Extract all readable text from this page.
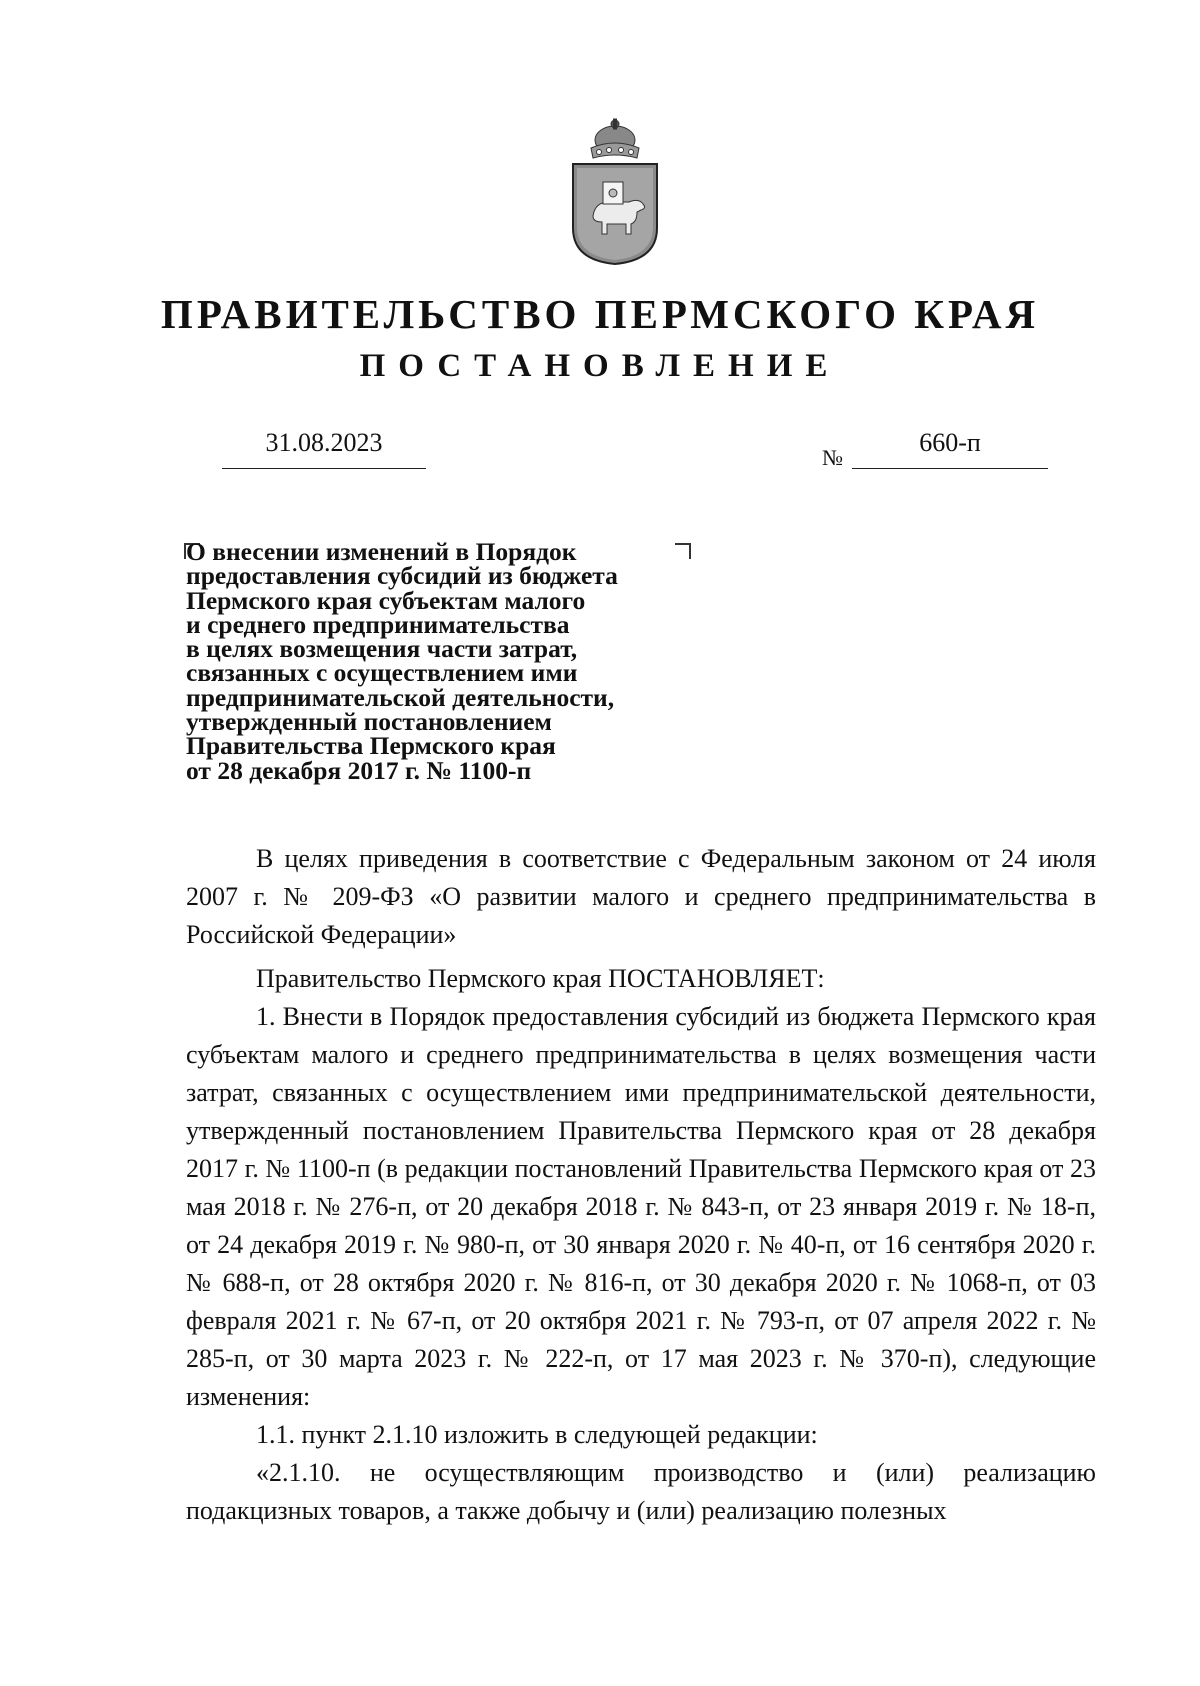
ПРАВИТЕЛЬСТВО ПЕРМСКОГО КРАЯ
ПОСТАНОВЛЕНИЕ
31.08.2023
№
660-п
О внесении изменений в Порядок
предоставления субсидий из бюджета
Пермского края субъектам малого
и среднего предпринимательства
в целях возмещения части затрат,
связанных с осуществлением ими
предпринимательской деятельности,
утвержденный постановлением
Правительства Пермского края
от 28 декабря 2017 г. № 1100-п

В целях приведения в соответствие с Федеральным законом от 24 июля 2007 г. № 209-ФЗ «О развитии малого и среднего предпринимательства в Российской Федерации»

Правительство Пермского края ПОСТАНОВЛЯЕТ:

1. Внести в Порядок предоставления субсидий из бюджета Пермского края субъектам малого и среднего предпринимательства в целях возмещения части затрат, связанных с осуществлением ими предпринимательской деятельности, утвержденный постановлением Правительства Пермского края от 28 декабря 2017 г. № 1100-п (в редакции постановлений Правительства Пермского края от 23 мая 2018 г. № 276-п, от 20 декабря 2018 г. № 843-п, от 23 января 2019 г. № 18-п, от 24 декабря 2019 г. № 980-п, от 30 января 2020 г. № 40-п, от 16 сентября 2020 г. № 688-п, от 28 октября 2020 г. № 816-п, от 30 декабря 2020 г. № 1068-п, от 03 февраля 2021 г. № 67-п, от 20 октября 2021 г. № 793-п, от 07 апреля 2022 г. № 285-п, от 30 марта 2023 г. № 222-п, от 17 мая 2023 г. № 370-п), следующие изменения:

1.1. пункт 2.1.10 изложить в следующей редакции:

«2.1.10. не осуществляющим производство и (или) реализацию подакцизных товаров, а также добычу и (или) реализацию полезных
